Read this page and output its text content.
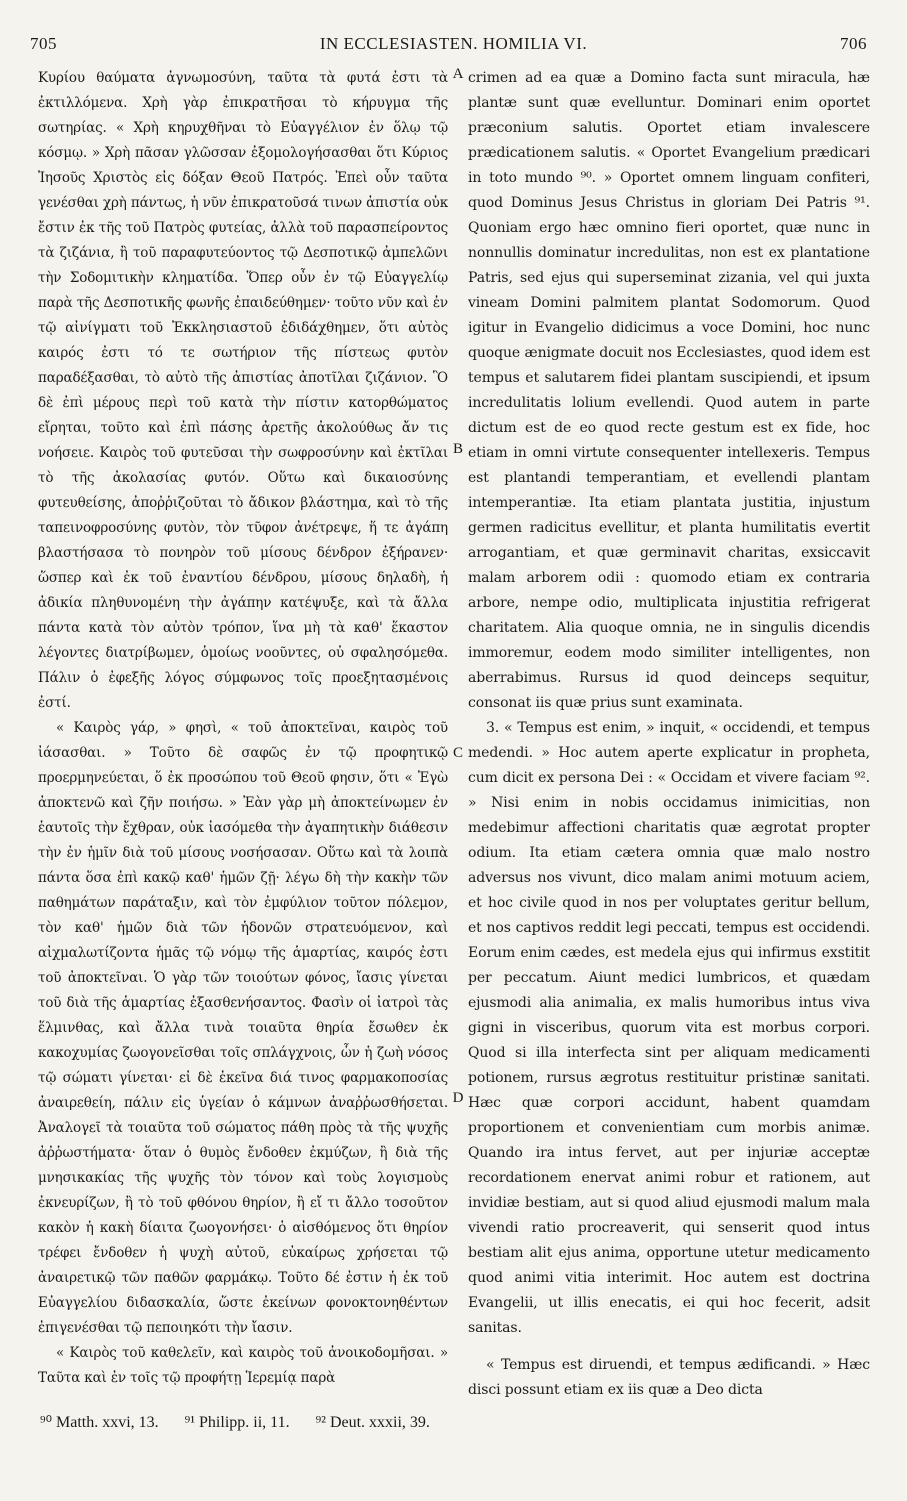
705	IN ECCLESIASTEN. HOMILIA VI.	706

Κυρίου θαύματα ἀγνωμοσύνη, ταῦτα τὰ φυτά ἐστι τὰ ἐκτιλλόμενα. Χρὴ γὰρ ἐπικρατῆσαι τὸ κήρυγμα τῆς σωτηρίας. « Χρὴ κηρυχθῆναι τὸ Εὐαγγέλιον ἐν ὅλῳ τῷ κόσμῳ. » Χρὴ πᾶσαν γλῶσσαν ἐξομολογήσασθαι ὅτι Κύριος Ἰησοῦς Χριστὸς εἰς δόξαν Θεοῦ Πατρός. Ἐπεὶ οὖν ταῦτα γενέσθαι χρὴ πάντως, ἡ νῦν ἐπικρατοῦσά τινων ἀπιστία οὐκ ἔστιν ἐκ τῆς τοῦ Πατρὸς φυτείας, ἀλλὰ τοῦ παρασπείροντος τὰ ζιζάνια, ἢ τοῦ παραφυτεύοντος τῷ Δεσποτικῷ ἀμπελῶνι τὴν Σοδομιτικὴν κληματίδα. Ὅπερ οὖν ἐν τῷ Εὐαγγελίῳ παρὰ τῆς Δεσποτικῆς φωνῆς ἐπαιδεύθημεν· τοῦτο νῦν καὶ ἐν τῷ αἰνίγματι τοῦ Ἐκκλησιαστοῦ ἐδιδάχθημεν, ὅτι αὐτὸς καιρός ἐστι τό τε σωτήριον τῆς πίστεως φυτὸν παραδέξασθαι, τὸ αὐτὸ τῆς ἀπιστίας ἀποτῖλαι ζιζάνιον. Ὃ δὲ ἐπὶ μέρους περὶ τοῦ κατὰ τὴν πίστιν κατορθώματος εἴρηται, τοῦτο καὶ ἐπὶ πάσης ἀρετῆς ἀκολούθως ἄν τις νοήσειε. Καιρὸς τοῦ φυτεῦσαι τὴν σωφροσύνην καὶ ἐκτῖλαι τὸ τῆς ἀκολασίας φυτόν. Οὕτω καὶ δικαιοσύνης φυτευθείσης, ἀποῤῥιζοῦται τὸ ἄδικον βλάστημα, καὶ τὸ τῆς ταπεινοφροσύνης φυτὸν, τὸν τῦφον ἀνέτρεψε, ἥ τε ἀγάπη βλαστήσασα τὸ πονηρὸν τοῦ μίσους δένδρον ἐξήρανεν· ὥσπερ καὶ ἐκ τοῦ ἐναντίου δένδρου, μίσους δηλαδὴ, ἡ ἀδικία πληθυνομένη τὴν ἀγάπην κατέψυξε, καὶ τὰ ἄλλα πάντα κατὰ τὸν αὐτὸν τρόπον, ἵνα μὴ τὰ καθ' ἕκαστον λέγοντες διατρίβωμεν, ὁμοίως νοοῦντες, οὐ σφαλησόμεθα. Πάλιν ὁ ἐφεξῆς λόγος σύμφωνος τοῖς προεξητασμένοις ἐστί.

« Καιρὸς γάρ, » φησὶ, « τοῦ ἀποκτεῖναι, καιρὸς τοῦ ἰάσασθαι. » Τοῦτο δὲ σαφῶς ἐν τῷ προφητικῷ προερμηνεύεται, ὅ ἐκ προσώπου τοῦ Θεοῦ φησιν, ὅτι « Ἐγὼ ἀποκτενῶ καὶ ζῆν ποιήσω. » Ἐὰν γὰρ μὴ ἀποκτείνωμεν ἐν ἑαυτοῖς τὴν ἔχθραν, οὐκ ἰασόμεθα τὴν ἀγαπητικὴν διάθεσιν τὴν ἐν ἡμῖν διὰ τοῦ μίσους νοσήσασαν. Οὕτω καὶ τὰ λοιπὰ πάντα ὅσα ἐπὶ κακῷ καθ' ἡμῶν ζῇ· λέγω δὴ τὴν κακὴν τῶν παθημάτων παράταξιν, καὶ τὸν ἐμφύλιον τοῦτον πόλεμον, τὸν καθ' ἡμῶν διὰ τῶν ἡδονῶν στρατευόμενον, καὶ αἰχμαλωτίζοντα ἡμᾶς τῷ νόμῳ τῆς ἁμαρτίας, καιρός ἐστι τοῦ ἀποκτεῖναι. Ὁ γὰρ τῶν τοιούτων φόνος, ἴασις γίνεται τοῦ διὰ τῆς ἁμαρτίας ἐξασθενήσαντος. Φασὶν οἱ ἰατροὶ τὰς ἕλμινθας, καὶ ἄλλα τινὰ τοιαῦτα θηρία ἔσωθεν ἐκ κακοχυμίας ζωογονεῖσθαι τοῖς σπλάγχνοις, ὧν ἡ ζωὴ νόσος τῷ σώματι γίνεται· εἰ δὲ ἐκεῖνα διά τινος φαρμακοποσίας ἀναιρεθείη, πάλιν εἰς ὑγείαν ὁ κάμνων ἀναῤῥωσθήσεται. Ἀναλογεῖ τὰ τοιαῦτα τοῦ σώματος πάθη πρὸς τὰ τῆς ψυχῆς ἀῤῥωστήματα· ὅταν ὁ θυμὸς ἔνδοθεν ἐκμύζων, ἢ διὰ τῆς μνησικακίας τῆς ψυχῆς τὸν τόνον καὶ τοὺς λογισμοὺς ἐκνευρίζων, ἢ τὸ τοῦ φθόνου θηρίον, ἢ εἴ τι ἄλλο τοσοῦτον κακὸν ἡ κακὴ δίαιτα ζωογονήσει· ὁ αἰσθόμενος ὅτι θηρίον τρέφει ἔνδοθεν ἡ ψυχὴ αὐτοῦ, εὐκαίρως χρήσεται τῷ ἀναιρετικῷ τῶν παθῶν φαρμάκῳ. Τοῦτο δέ ἐστιν ἡ ἐκ τοῦ Εὐαγγελίου διδασκαλία, ὥστε ἐκείνων φονοκτονηθέντων ἐπιγενέσθαι τῷ πεποιηκότι τὴν ἴασιν.

« Καιρὸς τοῦ καθελεῖν, καὶ καιρὸς τοῦ ἀνοικοδομῆσαι. » Ταῦτα καὶ ἐν τοῖς τῷ προφήτῃ Ἱερεμίᾳ παρὰ

A
B
C
D

crimen ad ea quæ a Domino facta sunt miracula, hæ plantæ sunt quæ evelluntur. Dominari enim oportet præconium salutis. Oportet etiam invalescere prædicationem salutis. « Oportet Evangelium prædicari in toto mundo ⁹⁰. » Oportet omnem linguam confiteri, quod Dominus Jesus Christus in gloriam Dei Patris ⁹¹. Quoniam ergo hæc omnino fieri oportet, quæ nunc in nonnullis dominatur incredulitas, non est ex plantatione Patris, sed ejus qui superseminat zizania, vel qui juxta vineam Domini palmitem plantat Sodomorum. Quod igitur in Evangelio didicimus a voce Domini, hoc nunc quoque ænigmate docuit nos Ecclesiastes, quod idem est tempus et salutarem fidei plantam suscipiendi, et ipsum incredulitatis lolium evellendi. Quod autem in parte dictum est de eo quod recte gestum est ex fide, hoc etiam in omni virtute consequenter intellexeris. Tempus est plantandi temperantiam, et evellendi plantam intemperantiæ. Ita etiam plantata justitia, injustum germen radicitus evellitur, et planta humilitatis evertit arrogantiam, et quæ germinavit charitas, exsiccavit malam arborem odii : quomodo etiam ex contraria arbore, nempe odio, multiplicata injustitia refrigerat charitatem. Alia quoque omnia, ne in singulis dicendis immoremur, eodem modo similiter intelligentes, non aberrabimus. Rursus id quod deinceps sequitur, consonat iis quæ prius sunt examinata.

3. « Tempus est enim, » inquit, « occidendi, et tempus medendi. » Hoc autem aperte explicatur in propheta, cum dicit ex persona Dei : « Occidam et vivere faciam ⁹². » Nisi enim in nobis occidamus inimicitias, non medebimur affectioni charitatis quæ ægrotat propter odium. Ita etiam cætera omnia quæ malo nostro adversus nos vivunt, dico malam animi motuum aciem, et hoc civile quod in nos per voluptates geritur bellum, et nos captivos reddit legi peccati, tempus est occidendi. Eorum enim cædes, est medela ejus qui infirmus exstitit per peccatum. Aiunt medici lumbricos, et quædam ejusmodi alia animalia, ex malis humoribus intus viva gigni in visceribus, quorum vita est morbus corpori. Quod si illa interfecta sint per aliquam medicamenti potionem, rursus ægrotus restituitur pristinæ sanitati. Hæc quæ corpori accidunt, habent quamdam proportionem et convenientiam cum morbis animæ. Quando ira intus fervet, aut per injuriæ acceptæ recordationem enervat animi robur et rationem, aut invidiæ bestiam, aut si quod aliud ejusmodi malum mala vivendi ratio procreaverit, qui senserit quod intus bestiam alit ejus anima, opportune utetur medicamento quod animi vitia interimit. Hoc autem est doctrina Evangelii, ut illis enecatis, ei qui hoc fecerit, adsit sanitas.

« Tempus est diruendi, et tempus ædificandi. » Hæc disci possunt etiam ex iis quæ a Deo dicta

⁹⁰ Matth. xxvi, 13. ⁹¹ Philipp. ii, 11. ⁹² Deut. xxxii, 39.
